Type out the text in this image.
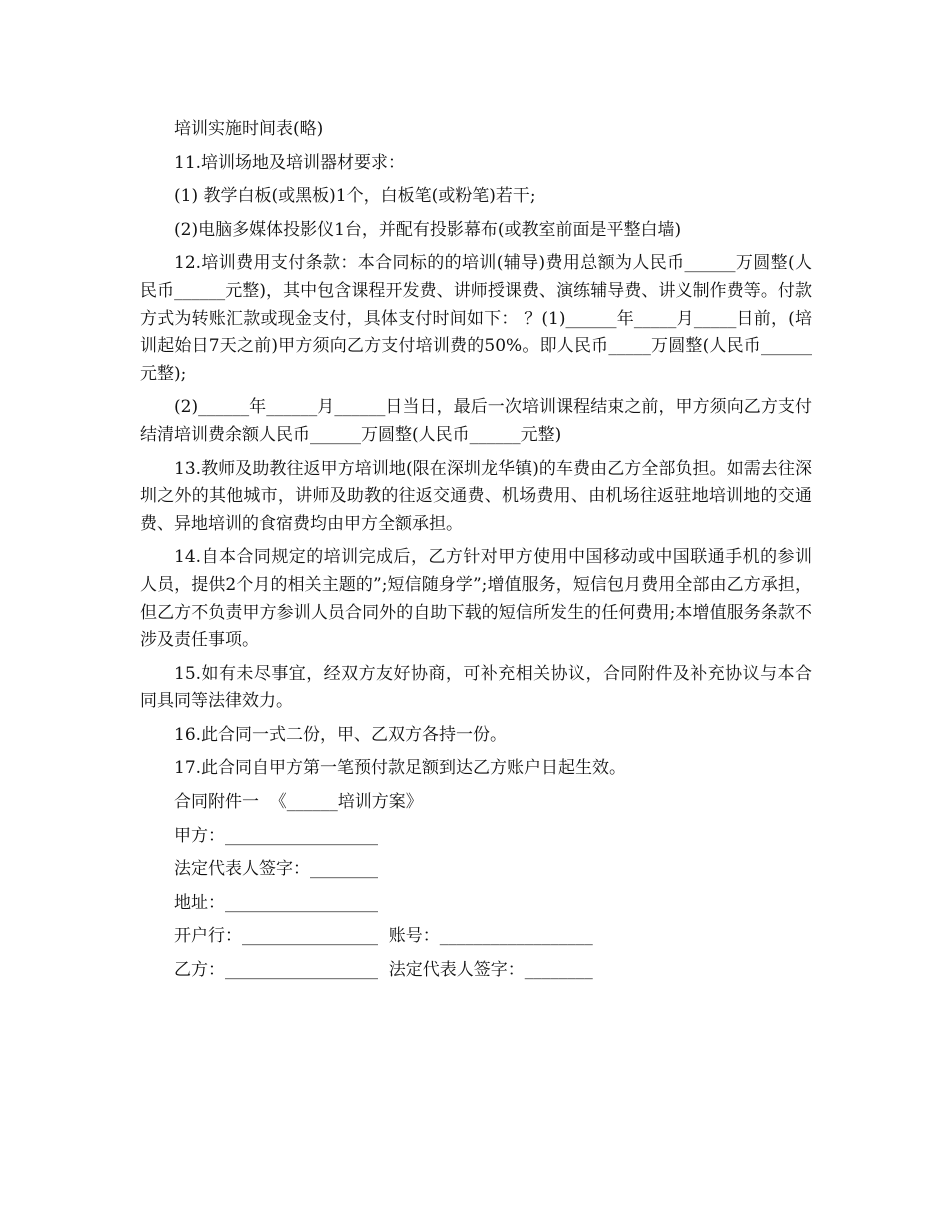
培训实施时间表(略)

11.培训场地及培训器材要求：

(1) 教学白板(或黑板)1个，白板笔(或粉笔)若干;

(2)电脑多媒体投影仪1台，并配有投影幕布(或教室前面是平整白墙)

12.培训费用支付条款：本合同标的的培训(辅导)费用总额为人民币______万圆整(人民币______元整)，其中包含课程开发费、讲师授课费、演练辅导费、讲义制作费等。付款方式为转账汇款或现金支付，具体支付时间如下： ？(1)______年_____月_____日前，(培训起始日7天之前)甲方须向乙方支付培训费的50%。即人民币_____万圆整(人民币______元整);

(2)______年______月______日当日，最后一次培训课程结束之前，甲方须向乙方支付结清培训费余额人民币______万圆整(人民币______元整)

13.教师及助教往返甲方培训地(限在深圳龙华镇)的车费由乙方全部负担。如需去往深圳之外的其他城市，讲师及助教的往返交通费、机场费用、由机场往返驻地培训地的交通费、异地培训的食宿费均由甲方全额承担。

14.自本合同规定的培训完成后，乙方针对甲方使用中国移动或中国联通手机的参训人员，提供2个月的相关主题的”;短信随身学”;增值服务，短信包月费用全部由乙方承担，但乙方不负责甲方参训人员合同外的自助下载的短信所发生的任何费用;本增值服务条款不涉及责任事项。

15.如有未尽事宜，经双方友好协商，可补充相关协议，合同附件及补充协议与本合同具同等法律效力。

16.此合同一式二份，甲、乙双方各持一份。

17.此合同自甲方第一笔预付款足额到达乙方账户日起生效。

合同附件一  《______培训方案》
甲方：__________________
法定代表人签字：________
地址：__________________
开户行：________________  账号：__________________
乙方：__________________  法定代表人签字：________
